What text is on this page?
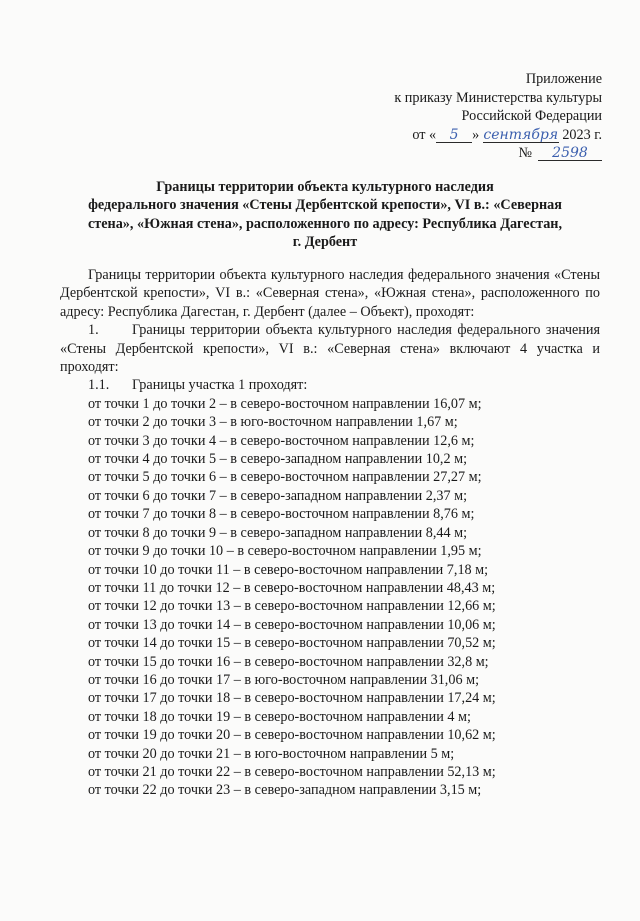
Приложение
к приказу Министерства культуры
Российской Федерации
от « 5 » сентября 2023 г.
№ 2598
Границы территории объекта культурного наследия
федерального значения «Стены Дербентской крепости», VI в.: «Северная
стена», «Южная стена», расположенного по адресу: Республика Дагестан,
г. Дербент

Границы территории объекта культурного наследия федерального значения «Стены Дербентской крепости», VI в.: «Северная стена», «Южная стена», расположенного по адресу: Республика Дагестан, г. Дербент (далее – Объект), проходят:

1. Границы территории объекта культурного наследия федерального значения «Стены Дербентской крепости», VI в.: «Северная стена» включают 4 участка и проходят:

1.1. Границы участка 1 проходят:

от точки 1 до точки 2 – в северо-восточном направлении 16,07 м;
от точки 2 до точки 3 – в юго-восточном направлении 1,67 м;
от точки 3 до точки 4 – в северо-восточном направлении 12,6 м;
от точки 4 до точки 5 – в северо-западном направлении 10,2 м;
от точки 5 до точки 6 – в северо-восточном направлении 27,27 м;
от точки 6 до точки 7 – в северо-западном направлении 2,37 м;
от точки 7 до точки 8 – в северо-восточном направлении 8,76 м;
от точки 8 до точки 9 – в северо-западном направлении 8,44 м;
от точки 9 до точки 10 – в северо-восточном направлении 1,95 м;
от точки 10 до точки 11 – в северо-восточном направлении 7,18 м;
от точки 11 до точки 12 – в северо-восточном направлении 48,43 м;
от точки 12 до точки 13 – в северо-восточном направлении 12,66 м;
от точки 13 до точки 14 – в северо-восточном направлении 10,06 м;
от точки 14 до точки 15 – в северо-восточном направлении 70,52 м;
от точки 15 до точки 16 – в северо-восточном направлении 32,8 м;
от точки 16 до точки 17 – в юго-восточном направлении 31,06 м;
от точки 17 до точки 18 – в северо-восточном направлении 17,24 м;
от точки 18 до точки 19 – в северо-восточном направлении 4 м;
от точки 19 до точки 20 – в северо-восточном направлении 10,62 м;
от точки 20 до точки 21 – в юго-восточном направлении 5 м;
от точки 21 до точки 22 – в северо-восточном направлении 52,13 м;
от точки 22 до точки 23 – в северо-западном направлении 3,15 м;
